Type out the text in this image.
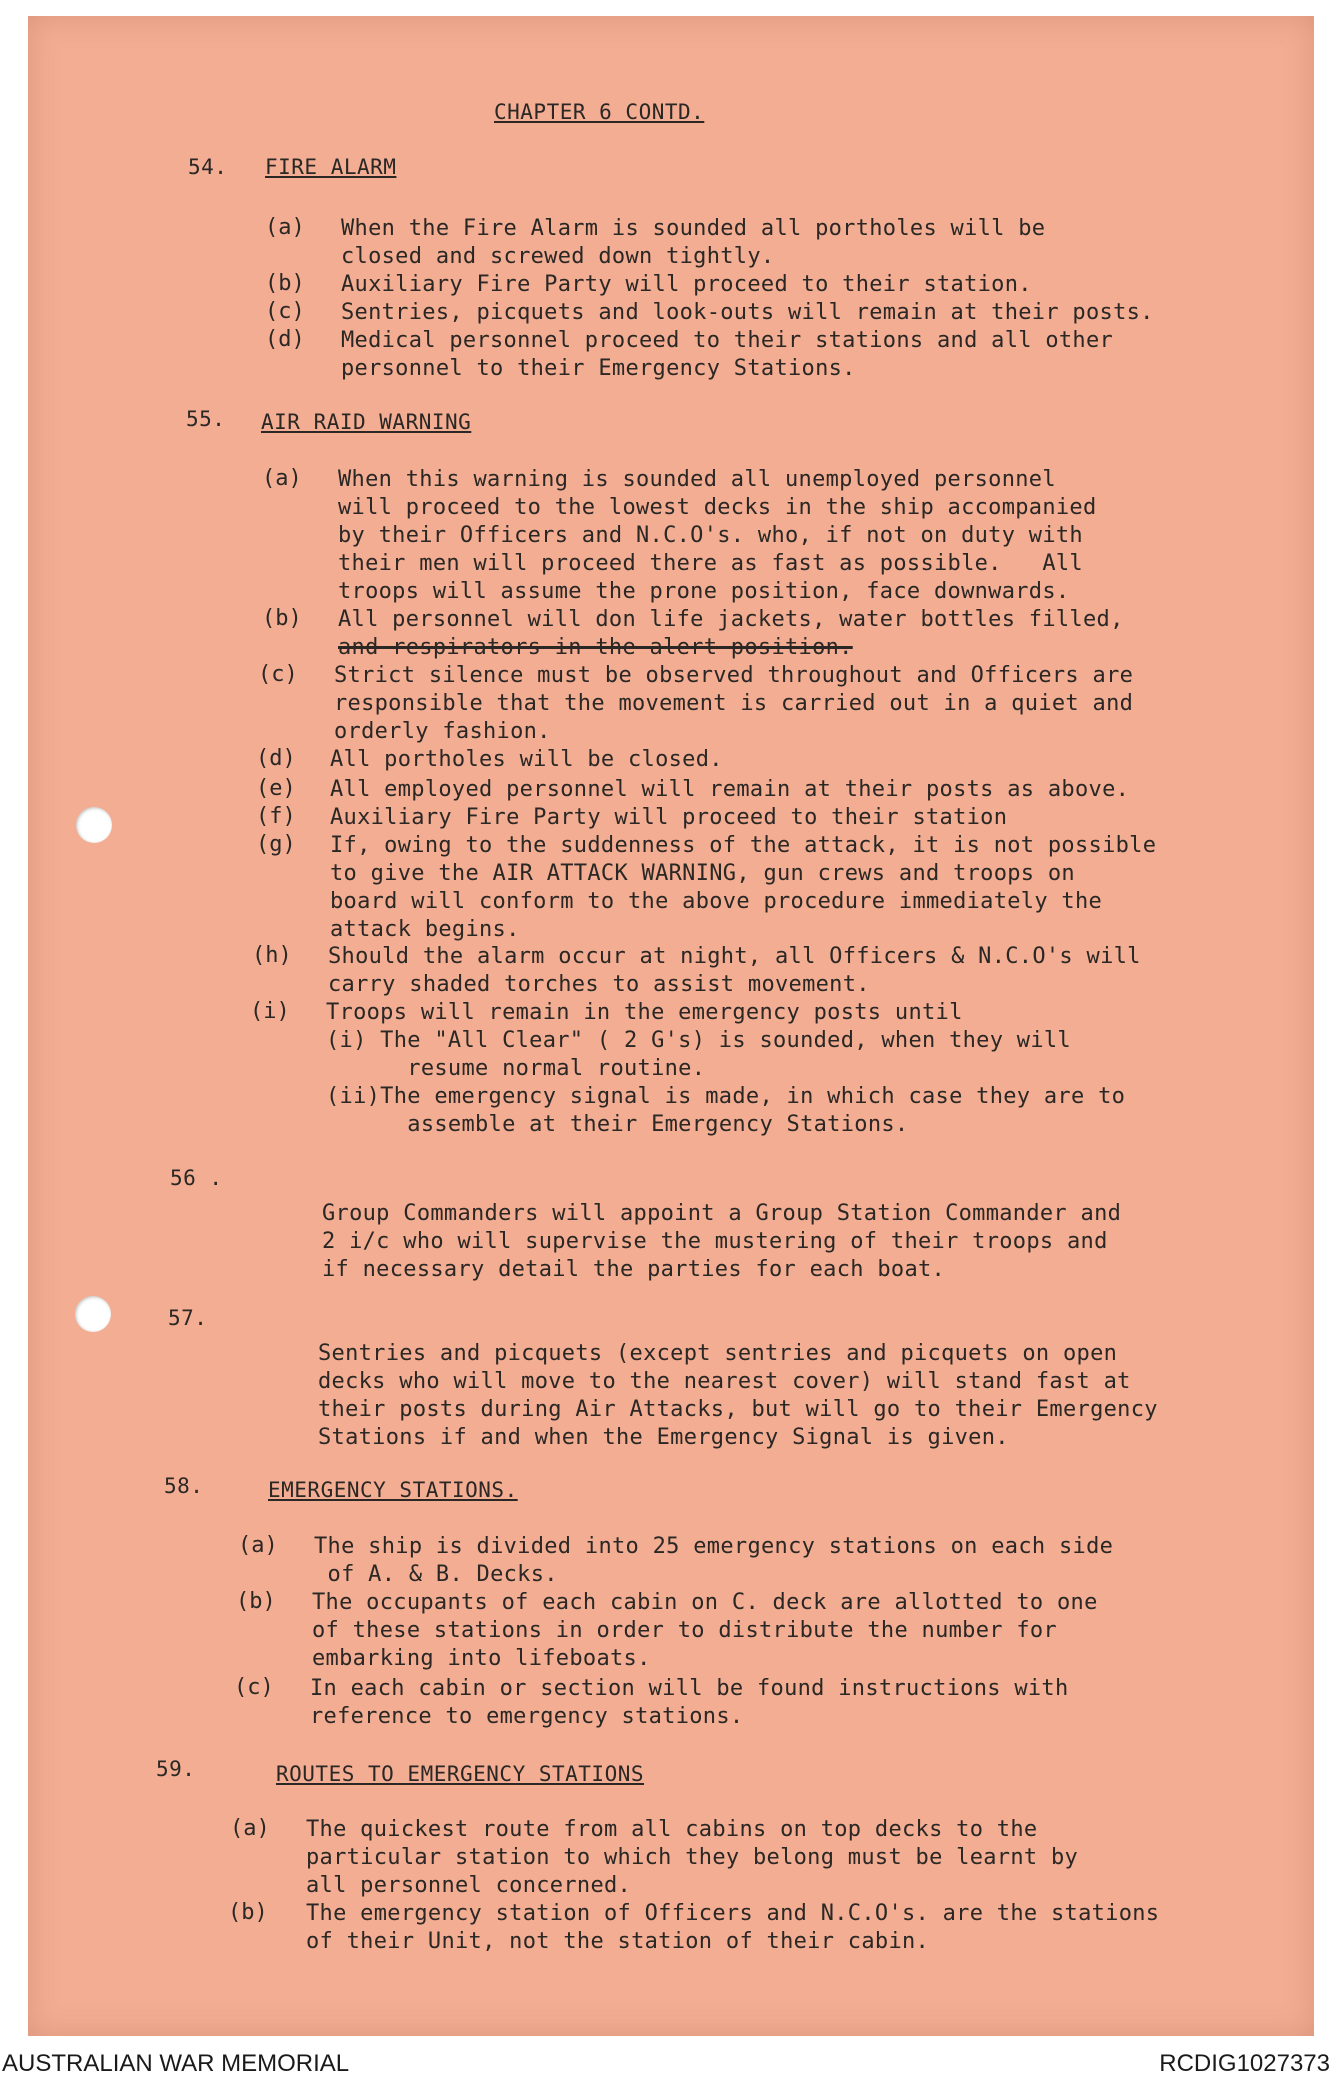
CHAPTER 6 CONTD.
54. FIRE ALARM
(a) When the Fire Alarm is sounded all portholes will be
closed and screwed down tightly.
(b) Auxiliary Fire Party will proceed to their station.
(c) Sentries, picquets and look-outs will remain at their posts.
(d) Medical personnel proceed to their stations and all other
personnel to their Emergency Stations.
55. AIR RAID WARNING
(a) When this warning is sounded all unemployed personnel
will proceed to the lowest decks in the ship accompanied
by their Officers and N.C.O's. who, if not on duty with
their men will proceed there as fast as possible.   All
troops will assume the prone position, face downwards.
(b) All personnel will don life jackets, water bottles filled,
and respirators in the alert position.
(c) Strict silence must be observed throughout and Officers are
responsible that the movement is carried out in a quiet and
orderly fashion.
(d) All portholes will be closed.
(e) All employed personnel will remain at their posts as above.
(f) Auxiliary Fire Party will proceed to their station
(g) If, owing to the suddenness of the attack, it is not possible
to give the AIR ATTACK WARNING, gun crews and troops on
board will conform to the above procedure immediately the
attack begins.
(h) Should the alarm occur at night, all Officers & N.C.O's will
carry shaded torches to assist movement.
(i) Troops will remain in the emergency posts until
(i) The "All Clear" ( 2 G's) is sounded, when they will
resume normal routine.
(ii)The emergency signal is made, in which case they are to
assemble at their Emergency Stations.
56 .
Group Commanders will appoint a Group Station Commander and
2 i/c who will supervise the mustering of their troops and
if necessary detail the parties for each boat.
57.
Sentries and picquets (except sentries and picquets on open
decks who will move to the nearest cover) will stand fast at
their posts during Air Attacks, but will go to their Emergency
Stations if and when the Emergency Signal is given.
58.	EMERGENCY STATIONS.
(a) The ship is divided into 25 emergency stations on each side
of A. & B. Decks.
(b) The occupants of each cabin on C. deck are allotted to one
of these stations in order to distribute the number for
embarking into lifeboats.
(c) In each cabin or section will be found instructions with
reference to emergency stations.
59.	ROUTES TO EMERGENCY STATIONS
(a) The quickest route from all cabins on top decks to the
particular station to which they belong must be learnt by
all personnel concerned.
(b) The emergency station of Officers and N.C.O's. are the stations
of their Unit, not the station of their cabin.
AUSTRALIAN WAR MEMORIAL	RCDIG1027373
